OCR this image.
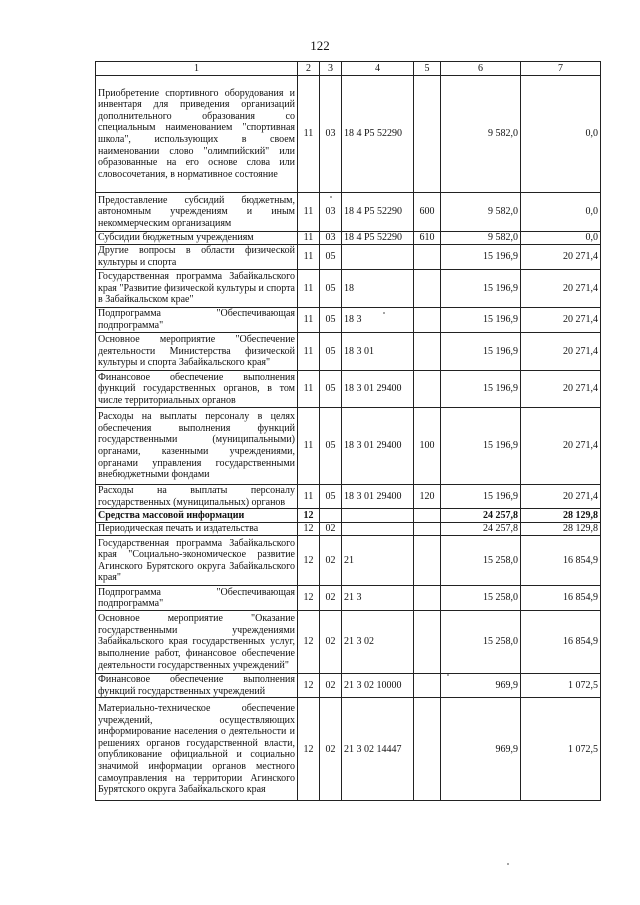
122
1	2	3	4	5	6	7
Приобретение спортивного оборудования и инвентаря для приведения организаций дополнительного образования со специальным наименованием "спортивная школа", использующих в своем наименовании слово "олимпийский" или образованные на его основе слова или словосочетания, в нормативное состояние	11	03	18 4 P5 52290		9 582,0	0,0
Предоставление субсидий бюджетным, автономным учреждениям и иным некоммерческим организациям	11	03	18 4 P5 52290	600	9 582,0	0,0
Субсидии бюджетным учреждениям	11	03	18 4 P5 52290	610	9 582,0	0,0
Другие вопросы в области физической культуры и спорта	11	05			15 196,9	20 271,4
Государственная программа Забайкальского края "Развитие физической культуры и спорта в Забайкальском крае"	11	05	18		15 196,9	20 271,4
Подпрограмма "Обеспечивающая подпрограмма"	11	05	18 3		15 196,9	20 271,4
Основное мероприятие "Обеспечение деятельности Министерства физической культуры и спорта Забайкальского края"	11	05	18 3 01		15 196,9	20 271,4
Финансовое обеспечение выполнения функций государственных органов, в том числе территориальных органов	11	05	18 3 01 29400		15 196,9	20 271,4
Расходы на выплаты персоналу в целях обеспечения выполнения функций государственными (муниципальными) органами, казенными учреждениями, органами управления государственными внебюджетными фондами	11	05	18 3 01 29400	100	15 196,9	20 271,4
Расходы на выплаты персоналу государственных (муниципальных) органов	11	05	18 3 01 29400	120	15 196,9	20 271,4
Средства массовой информации	12				24 257,8	28 129,8
Периодическая печать и издательства	12	02			24 257,8	28 129,8
Государственная программа Забайкальского края "Социально-экономическое развитие Агинского Бурятского округа Забайкальского края"	12	02	21		15 258,0	16 854,9
Подпрограмма "Обеспечивающая подпрограмма"	12	02	21 3		15 258,0	16 854,9
Основное мероприятие "Оказание государственными учреждениями Забайкальского края государственных услуг, выполнение работ, финансовое обеспечение деятельности государственных учреждений"	12	02	21 3 02		15 258,0	16 854,9
Финансовое обеспечение выполнения функций государственных учреждений	12	02	21 3 02 10000		969,9	1 072,5
Материально-техническое обеспечение учреждений, осуществляющих информирование населения о деятельности и решениях органов государственной власти, опубликование официальной и социально значимой информации органов местного самоуправления на территории Агинского Бурятского округа Забайкальского края	12	02	21 3 02 14447		969,9	1 072,5
